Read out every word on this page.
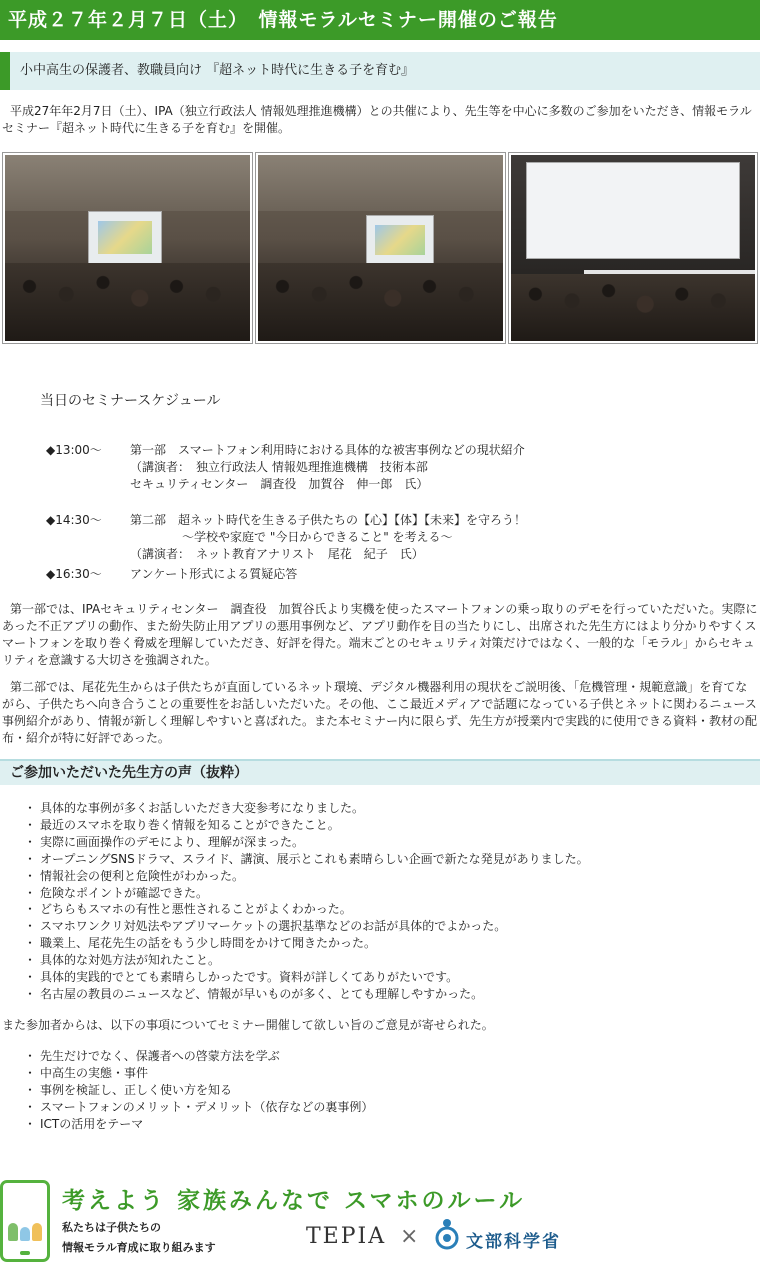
平成２７年２月７日（土）　情報モラルセミナー開催のご報告
小中高生の保護者、教職員向け 『超ネット時代に生きる子を育む』

平成27年年2月7日（土）、IPA（独立行政法人 情報処理推進機構）との共催により、先生等を中心に多数のご参加をいただき、情報モラルセミナー『超ネット時代に生きる子を育む』を開催。

当日のセミナースケジュール
◆13:00～	第一部　スマートフォン利用時における具体的な被害事例などの現状紹介
（講演者：　独立行政法人 情報処理推進機構　技術本部
セキュリティセンター　調査役　加賀谷　伸一郎　氏）
◆14:30～	第二部　超ネット時代を生きる子供たちの【心】【体】【未来】を守ろう！
～学校や家庭で "今日からできること" を考える～
（講演者：　ネット教育アナリスト　尾花　紀子　氏）
◆16:30～	アンケート形式による質疑応答

第一部では、IPAセキュリティセンター　調査役　加賀谷氏より実機を使ったスマートフォンの乗っ取りのデモを行っていただいた。実際にあった不正アプリの動作、また紛失防止用アプリの悪用事例など、アプリ動作を目の当たりにし、出席された先生方にはより分かりやすくスマートフォンを取り巻く脅威を理解していただき、好評を得た。端末ごとのセキュリティ対策だけではなく、一般的な「モラル」からセキュリティを意識する大切さを強調された。

第二部では、尾花先生からは子供たちが直面しているネット環境、デジタル機器利用の現状をご説明後、「危機管理・規範意識」を育てながら、子供たちへ向き合うことの重要性をお話しいただいた。その他、ここ最近メディアで話題になっている子供とネットに関わるニュース事例紹介があり、情報が新しく理解しやすいと喜ばれた。また本セミナー内に限らず、先生方が授業内で実践的に使用できる資料・教材の配布・紹介が特に好評であった。

ご参加いただいた先生方の声（抜粋）
・ 具体的な事例が多くお話しいただき大変参考になりました。
・ 最近のスマホを取り巻く情報を知ることができたこと。
・ 実際に画面操作のデモにより、理解が深まった。
・ オープニングSNSドラマ、スライド、講演、展示とこれも素晴らしい企画で新たな発見がありました。
・ 情報社会の便利と危険性がわかった。
・ 危険なポイントが確認できた。
・ どちらもスマホの有性と悪性されることがよくわかった。
・ スマホワンクリ対処法やアプリマーケットの選択基準などのお話が具体的でよかった。
・ 職業上、尾花先生の話をもう少し時間をかけて聞きたかった。
・ 具体的な対処方法が知れたこと。
・ 具体的実践的でとても素晴らしかったです。資料が詳しくてありがたいです。
・ 名古屋の教員のニュースなど、情報が早いものが多く、とても理解しやすかった。

また参加者からは、以下の事項についてセミナー開催して欲しい旨のご意見が寄せられた。

・ 先生だけでなく、保護者への啓蒙方法を学ぶ
・ 中高生の実態・事件
・ 事例を検証し、正しく使い方を知る
・ スマートフォンのメリット・デメリット（依存などの裏事例）
・ ICTの活用をテーマ
考えよう 家族みんなで スマホのルール
私たちは子供たちの
情報モラル育成に取り組みます	TEPIA ×	文部科学省
